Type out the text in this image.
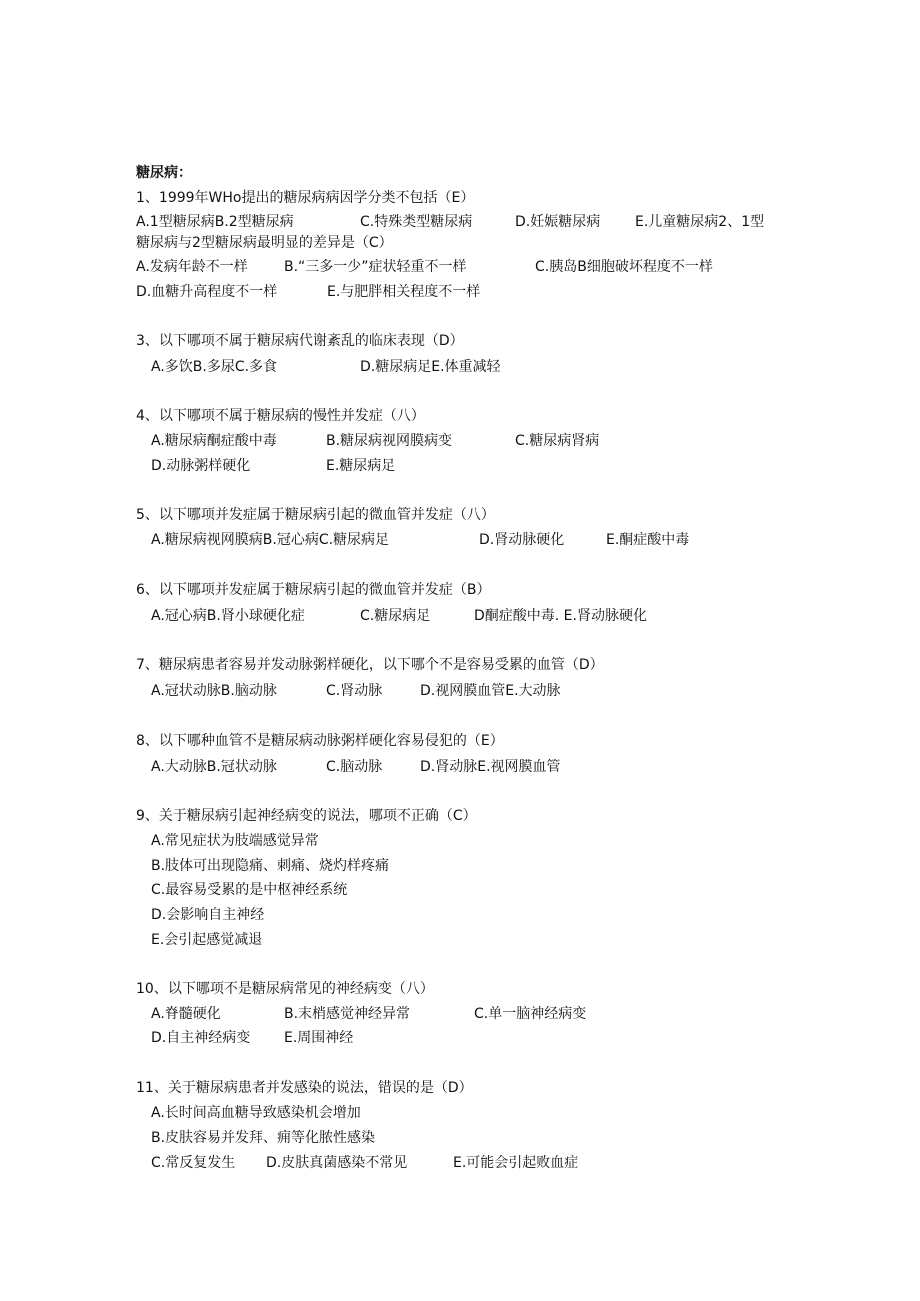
糖尿病：
1、1999年WHo提出的糖尿病病因学分类不包括（E）
A.1型糖尿病B.2型糖尿病	C.特殊类型糖尿病	D.妊娠糖尿病 E.儿童糖尿病2、1型
糖尿病与2型糖尿病最明显的差异是（C）
A.发病年龄不一样	B.“三多一少”症状轻重不一样	C.胰岛B细胞破坏程度不一样
D.血糖升高程度不一样	E.与肥胖相关程度不一样
3、以下哪项不属于糖尿病代谢紊乱的临床表现（D）
A.多饮B.多尿C.多食	D.糖尿病足E.体重减轻
4、以下哪项不属于糖尿病的慢性并发症（八）
A.糖尿病酮症酸中毒	B.糖尿病视网膜病变	C.糖尿病肾病
D.动脉粥样硬化	E.糖尿病足
5、以下哪项并发症属于糖尿病引起的微血管并发症（八）
A.糖尿病视网膜病B.冠心病C.糖尿病足	D.肾动脉硬化	E.酮症酸中毒
6、以下哪项并发症属于糖尿病引起的微血管并发症（B）
A.冠心病B.肾小球硬化症	C.糖尿病足	D酮症酸中毒. E.肾动脉硬化
7、糖尿病患者容易并发动脉粥样硬化，以下哪个不是容易受累的血管（D）
A.冠状动脉B.脑动脉	C.肾动脉	D.视网膜血管E.大动脉
8、以下哪种血管不是糖尿病动脉粥样硬化容易侵犯的（E）
A.大动脉B.冠状动脉	C.脑动脉	D.肾动脉E.视网膜血管
9、关于糖尿病引起神经病变的说法，哪项不正确（C）
A.常见症状为肢端感觉异常
B.肢体可出现隐痛、刺痛、烧灼样疼痛
C.最容易受累的是中枢神经系统
D.会影响自主神经
E.会引起感觉减退
10、以下哪项不是糖尿病常见的神经病变（八）
A.脊髓硬化	B.末梢感觉神经异常	C.单一脑神经病变
D.自主神经病变 E.周围神经
11、关于糖尿病患者并发感染的说法，错误的是（D）
A.长时间高血糖导致感染机会增加
B.皮肤容易并发拜、痈等化脓性感染
C.常反复发生 D.皮肤真菌感染不常见	E.可能会引起败血症
